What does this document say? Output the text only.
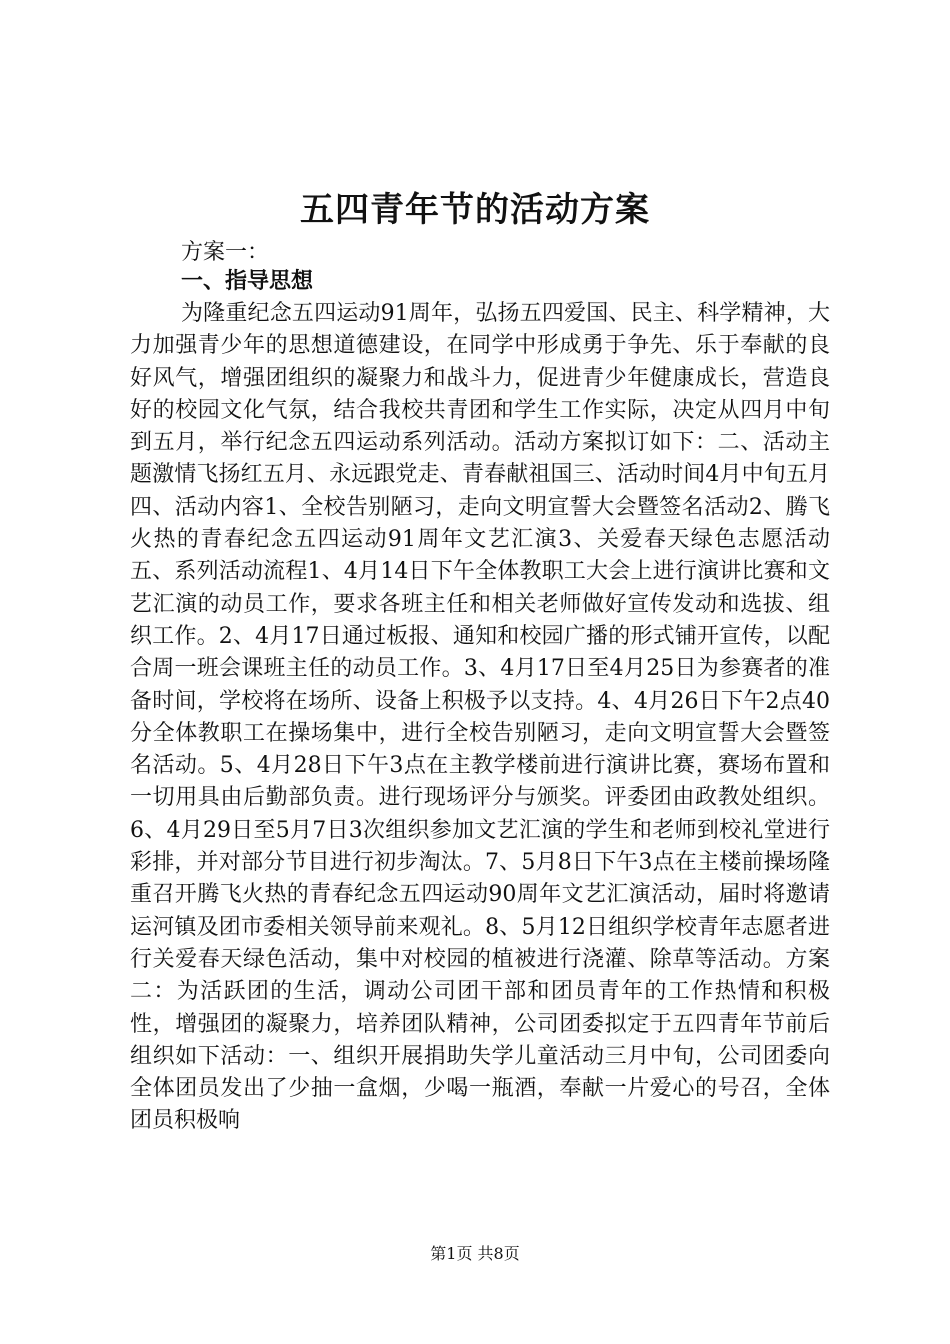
五四青年节的活动方案
方案一：
一、指导思想
为隆重纪念五四运动91周年，弘扬五四爱国、民主、科学精神，大力加强青少年的思想道德建设，在同学中形成勇于争先、乐于奉献的良好风气，增强团组织的凝聚力和战斗力，促进青少年健康成长，营造良好的校园文化气氛，结合我校共青团和学生工作实际，决定从四月中旬到五月，举行纪念五四运动系列活动。活动方案拟订如下：二、活动主题激情飞扬红五月、永远跟党走、青春献祖国三、活动时间4月中旬五月四、活动内容1、全校告别陋习，走向文明宣誓大会暨签名活动2、腾飞火热的青春纪念五四运动91周年文艺汇演3、关爱春天绿色志愿活动五、系列活动流程1、4月14日下午全体教职工大会上进行演讲比赛和文艺汇演的动员工作，要求各班主任和相关老师做好宣传发动和选拔、组织工作。2、4月17日通过板报、通知和校园广播的形式铺开宣传，以配合周一班会课班主任的动员工作。3、4月17日至4月25日为参赛者的准备时间，学校将在场所、设备上积极予以支持。4、4月26日下午2点40分全体教职工在操场集中，进行全校告别陋习，走向文明宣誓大会暨签名活动。5、4月28日下午3点在主教学楼前进行演讲比赛，赛场布置和一切用具由后勤部负责。进行现场评分与颁奖。评委团由政教处组织。6、4月29日至5月7日3次组织参加文艺汇演的学生和老师到校礼堂进行彩排，并对部分节目进行初步淘汰。7、5月8日下午3点在主楼前操场隆重召开腾飞火热的青春纪念五四运动90周年文艺汇演活动，届时将邀请运河镇及团市委相关领导前来观礼。8、5月12日组织学校青年志愿者进行关爱春天绿色活动，集中对校园的植被进行浇灌、除草等活动。方案二：为活跃团的生活，调动公司团干部和团员青年的工作热情和积极性，增强团的凝聚力，培养团队精神，公司团委拟定于五四青年节前后组织如下活动：一、组织开展捐助失学儿童活动三月中旬，公司团委向全体团员发出了少抽一盒烟，少喝一瓶酒，奉献一片爱心的号召，全体团员积极响
第1页 共8页
